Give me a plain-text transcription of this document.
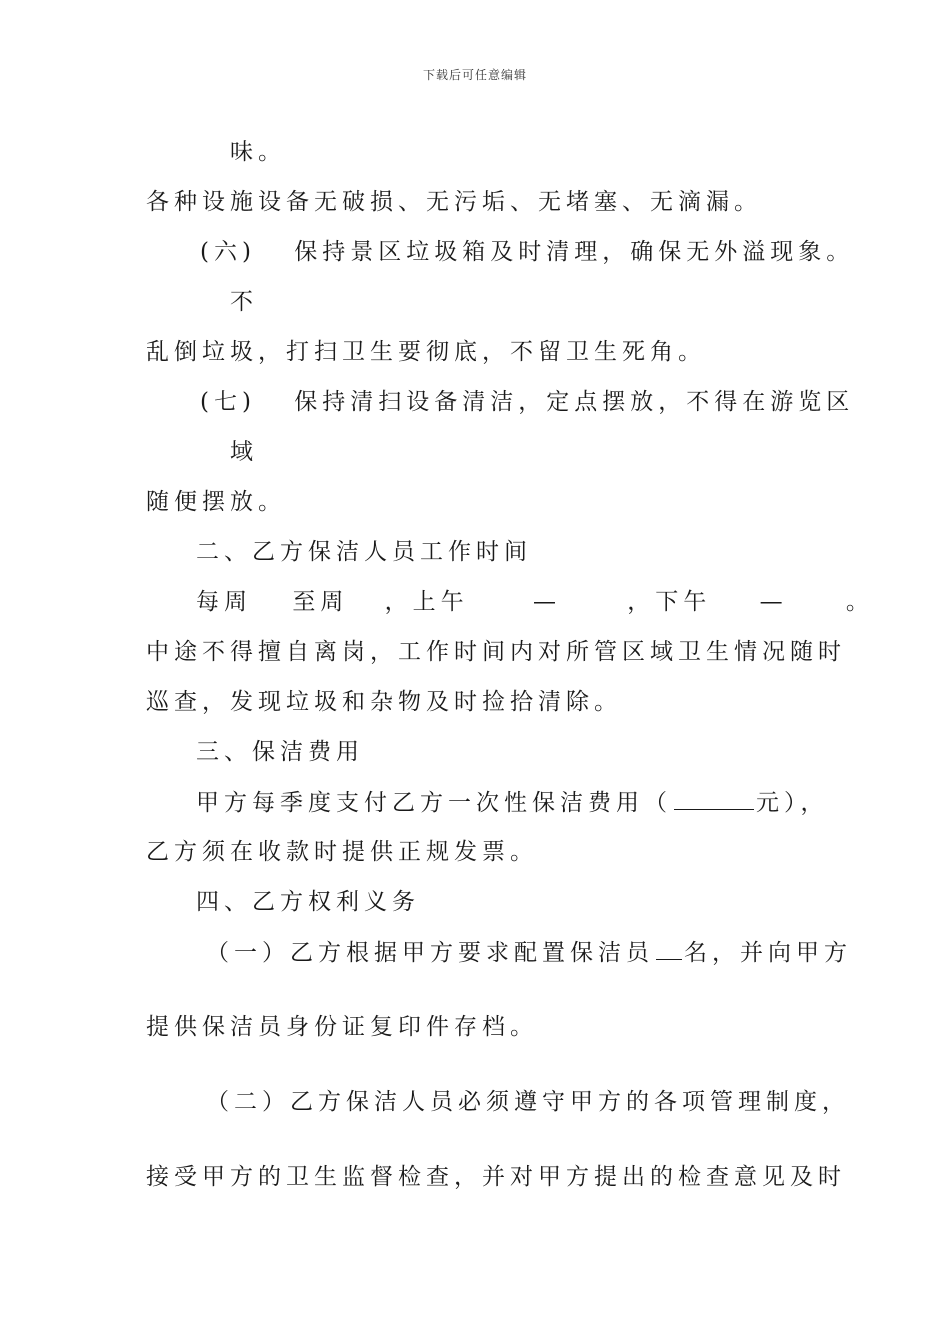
下载后可任意编辑
味。
各种设施设备无破损、无污垢、无堵塞、无滴漏。
(六) 保持景区垃圾箱及时清理，确保无外溢现象。
不
乱倒垃圾，打扫卫生要彻底，不留卫生死角。
(七) 保持清扫设备清洁，定点摆放，不得在游览区
域
随便摆放。
二、乙方保洁人员工作时间
每周 至周 ，上午	—	，下午 —	。
中途不得擅自离岗，工作时间内对所管区域卫生情况随时
巡查，发现垃圾和杂物及时捡拾清除。
三、保洁费用
甲方每季度支付乙方一次性保洁费用（	元），
乙方须在收款时提供正规发票。
四、乙方权利义务
（一）乙方根据甲方要求配置保洁员 名，并向甲方
提供保洁员身份证复印件存档。
（二）乙方保洁人员必须遵守甲方的各项管理制度，
接受甲方的卫生监督检查，并对甲方提出的检查意见及时
